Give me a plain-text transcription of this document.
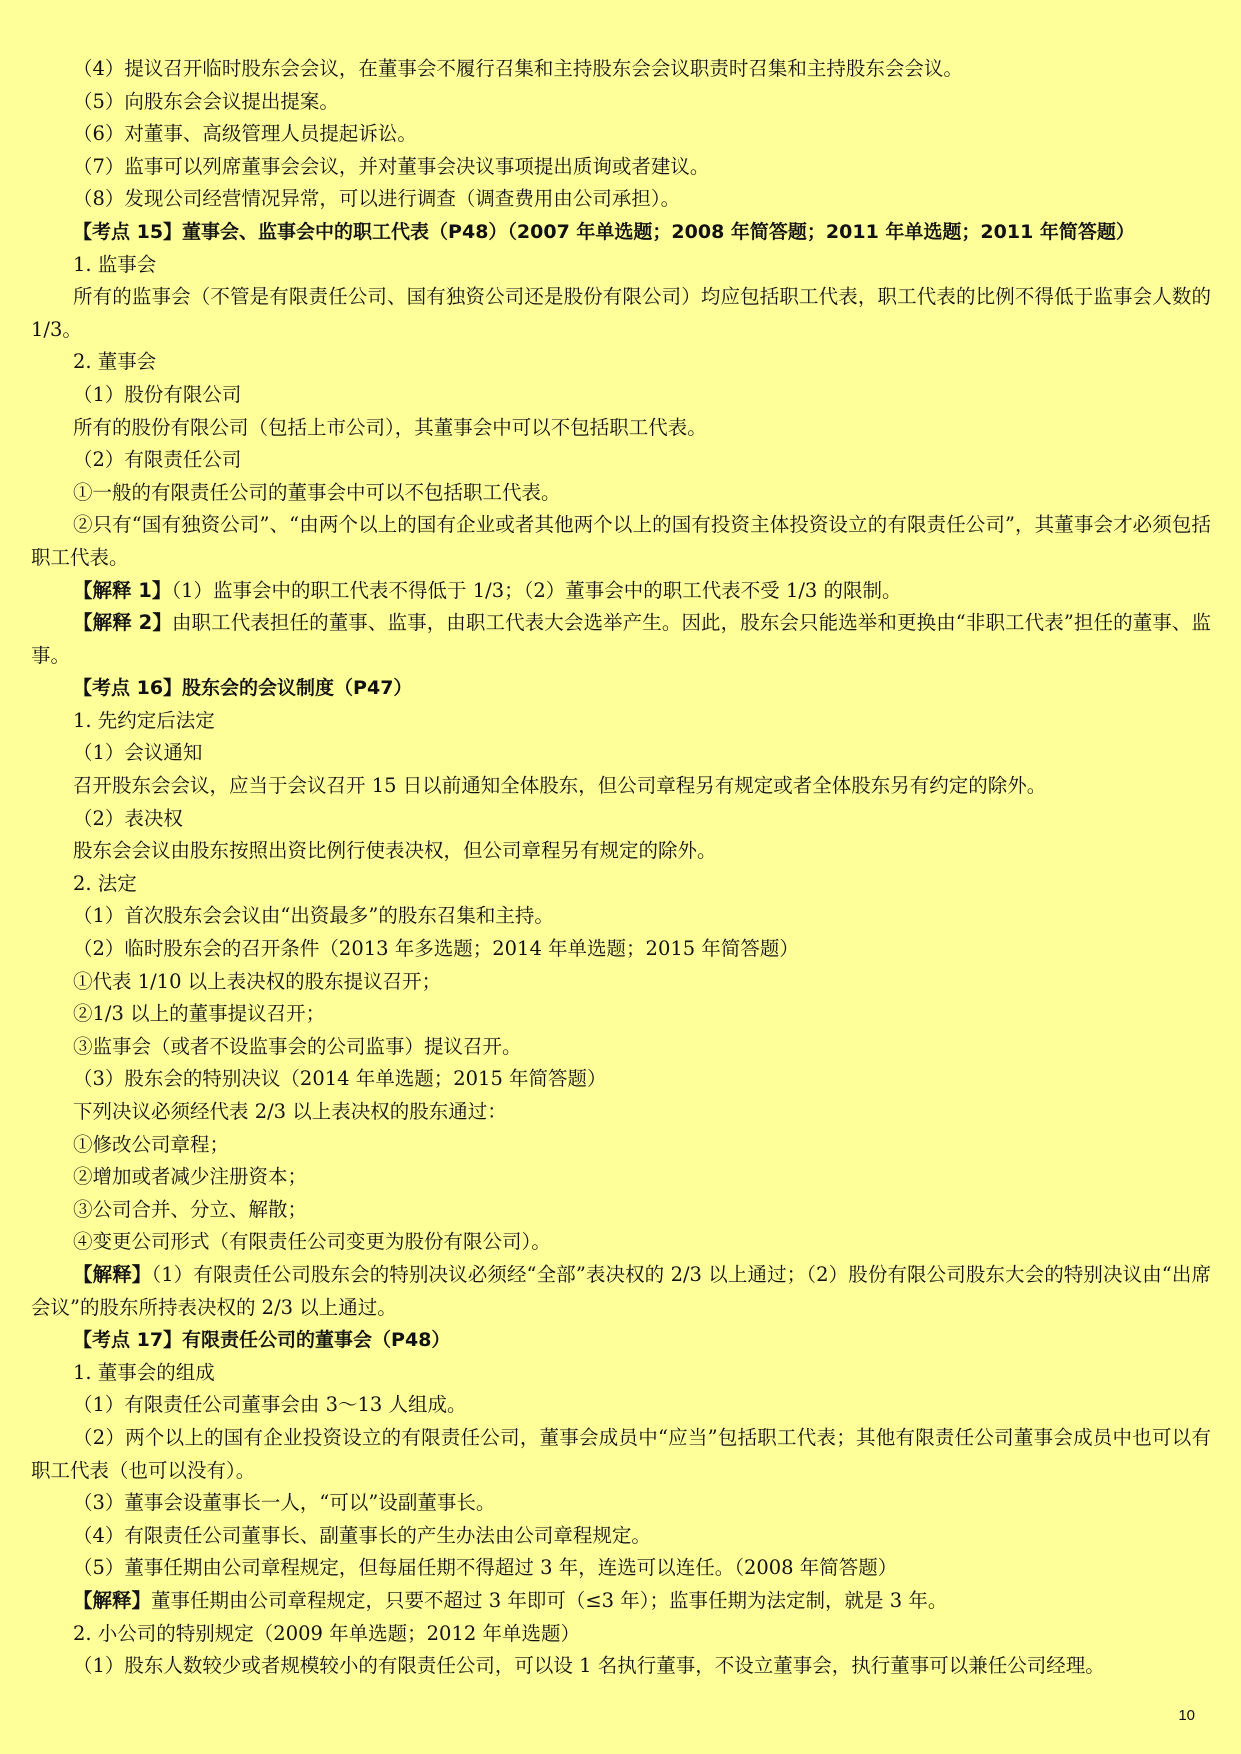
（4）提议召开临时股东会会议，在董事会不履行召集和主持股东会会议职责时召集和主持股东会会议。

（5）向股东会会议提出提案。

（6）对董事、高级管理人员提起诉讼。

（7）监事可以列席董事会会议，并对董事会决议事项提出质询或者建议。

（8）发现公司经营情况异常，可以进行调查（调查费用由公司承担）。

【考点 15】董事会、监事会中的职工代表（P48）（2007 年单选题；2008 年简答题；2011 年单选题；2011 年简答题）

1. 监事会

所有的监事会（不管是有限责任公司、国有独资公司还是股份有限公司）均应包括职工代表，职工代表的比例不得低于监事会人数的 1/3。

2. 董事会

（1）股份有限公司

所有的股份有限公司（包括上市公司），其董事会中可以不包括职工代表。

（2）有限责任公司

①一般的有限责任公司的董事会中可以不包括职工代表。

②只有“国有独资公司”、“由两个以上的国有企业或者其他两个以上的国有投资主体投资设立的有限责任公司”，其董事会才必须包括职工代表。

【解释 1】（1）监事会中的职工代表不得低于 1/3；（2）董事会中的职工代表不受 1/3 的限制。

【解释 2】由职工代表担任的董事、监事，由职工代表大会选举产生。因此，股东会只能选举和更换由“非职工代表”担任的董事、监事。

【考点 16】股东会的会议制度（P47）

1. 先约定后法定

（1）会议通知

召开股东会会议，应当于会议召开 15 日以前通知全体股东，但公司章程另有规定或者全体股东另有约定的除外。

（2）表决权

股东会会议由股东按照出资比例行使表决权，但公司章程另有规定的除外。

2. 法定

（1）首次股东会会议由“出资最多”的股东召集和主持。

（2）临时股东会的召开条件（2013 年多选题；2014 年单选题；2015 年简答题）

①代表 1/10 以上表决权的股东提议召开；

②1/3 以上的董事提议召开；

③监事会（或者不设监事会的公司监事）提议召开。

（3）股东会的特别决议（2014 年单选题；2015 年简答题）

下列决议必须经代表 2/3 以上表决权的股东通过：

①修改公司章程；

②增加或者减少注册资本；

③公司合并、分立、解散；

④变更公司形式（有限责任公司变更为股份有限公司）。

【解释】（1）有限责任公司股东会的特别决议必须经“全部”表决权的 2/3 以上通过；（2）股份有限公司股东大会的特别决议由“出席会议”的股东所持表决权的 2/3 以上通过。

【考点 17】有限责任公司的董事会（P48）

1. 董事会的组成

（1）有限责任公司董事会由 3～13 人组成。

（2）两个以上的国有企业投资设立的有限责任公司，董事会成员中“应当”包括职工代表；其他有限责任公司董事会成员中也可以有职工代表（也可以没有）。

（3）董事会设董事长一人，“可以”设副董事长。

（4）有限责任公司董事长、副董事长的产生办法由公司章程规定。

（5）董事任期由公司章程规定，但每届任期不得超过 3 年，连选可以连任。（2008 年简答题）

【解释】董事任期由公司章程规定，只要不超过 3 年即可（≤3 年）；监事任期为法定制，就是 3 年。

2. 小公司的特别规定（2009 年单选题；2012 年单选题）

（1）股东人数较少或者规模较小的有限责任公司，可以设 1 名执行董事，不设立董事会，执行董事可以兼任公司经理。

10
